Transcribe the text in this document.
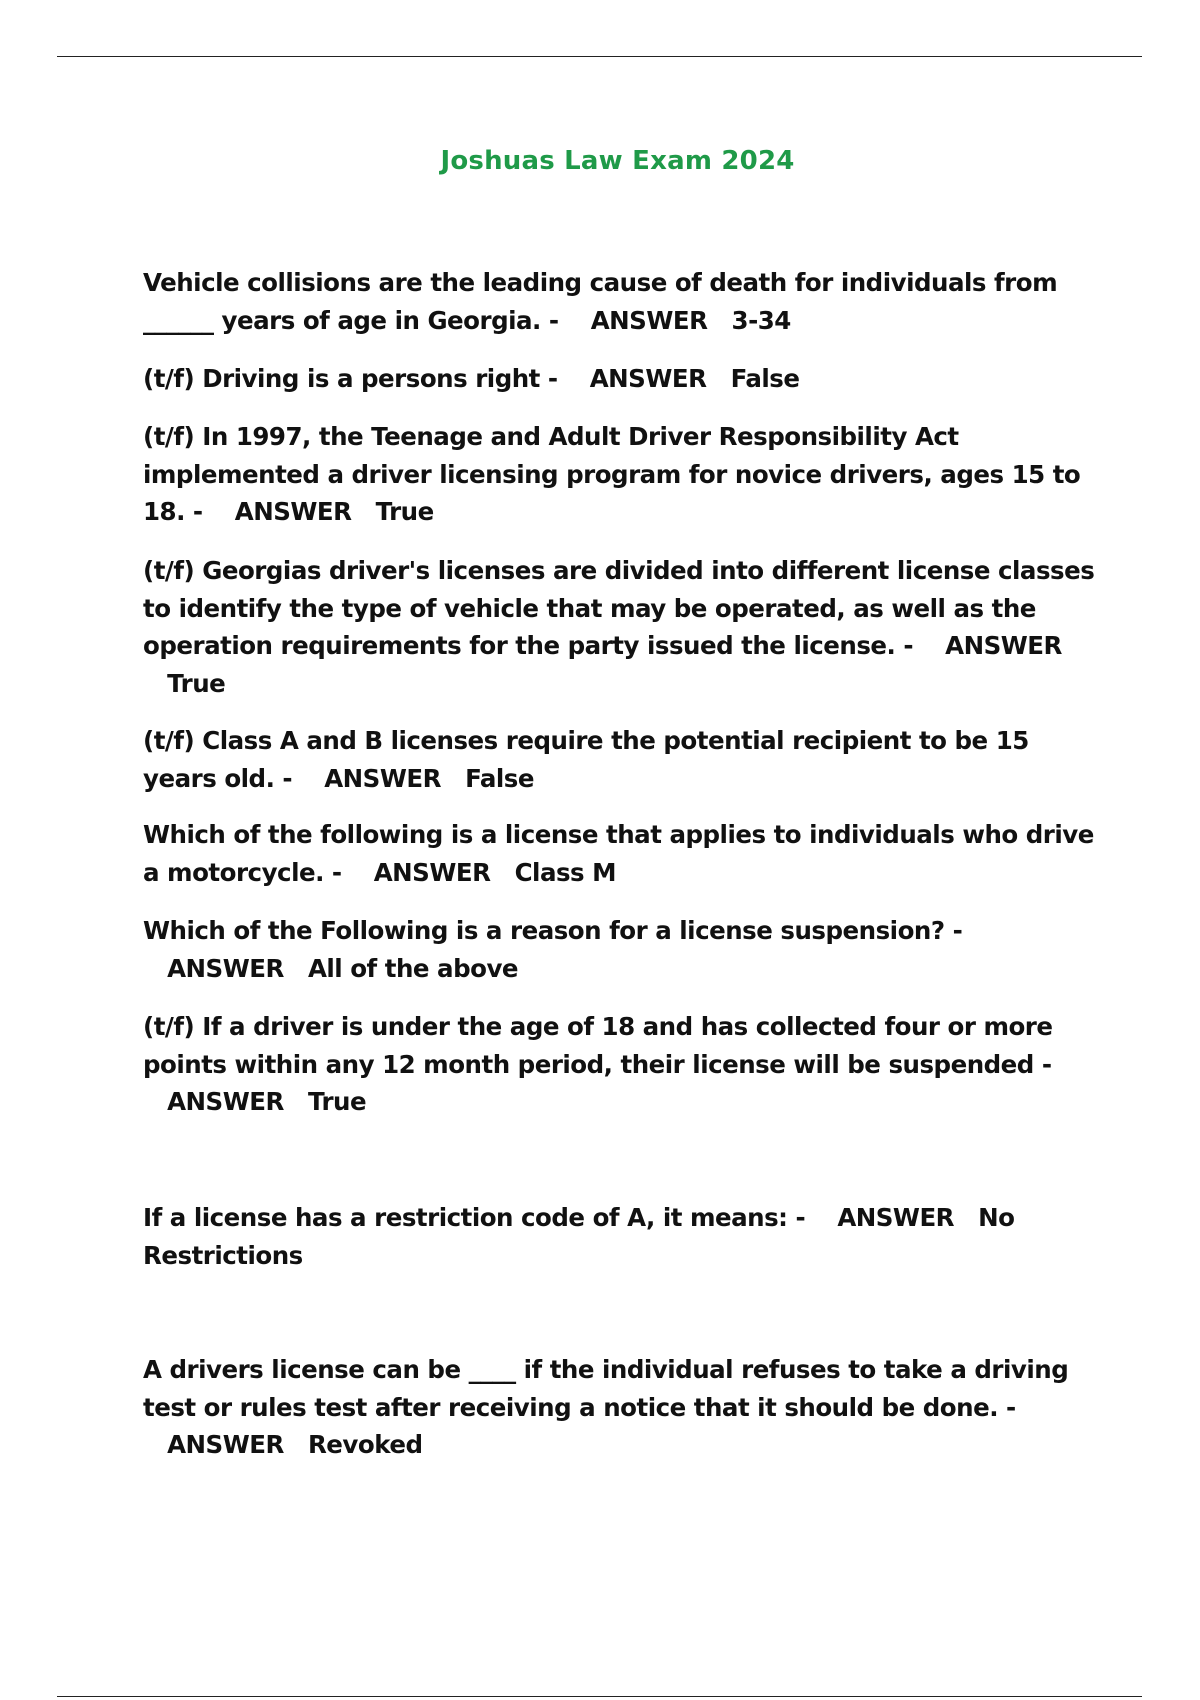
Joshuas Law Exam 2024

Vehicle collisions are the leading cause of death for individuals from ______ years of age in Georgia. - ANSWER 3-34

(t/f) Driving is a persons right - ANSWER False

(t/f) In 1997, the Teenage and Adult Driver Responsibility Act implemented a driver licensing program for novice drivers, ages 15 to 18. - ANSWER True

(t/f) Georgias driver's licenses are divided into different license classes to identify the type of vehicle that may be operated, as well as the operation requirements for the party issued the license. - ANSWER   True

(t/f) Class A and B licenses require the potential recipient to be 15 years old. - ANSWER False

Which of the following is a license that applies to individuals who drive a motorcycle. - ANSWER Class M

Which of the Following is a reason for a license suspension? -    ANSWER All of the above

(t/f) If a driver is under the age of 18 and has collected four or more points within any 12 month period, their license will be suspended -    ANSWER True

If a license has a restriction code of A, it means: - ANSWER No Restrictions

A drivers license can be ____ if the individual refuses to take a driving test or rules test after receiving a notice that it should be done. -    ANSWER Revoked
